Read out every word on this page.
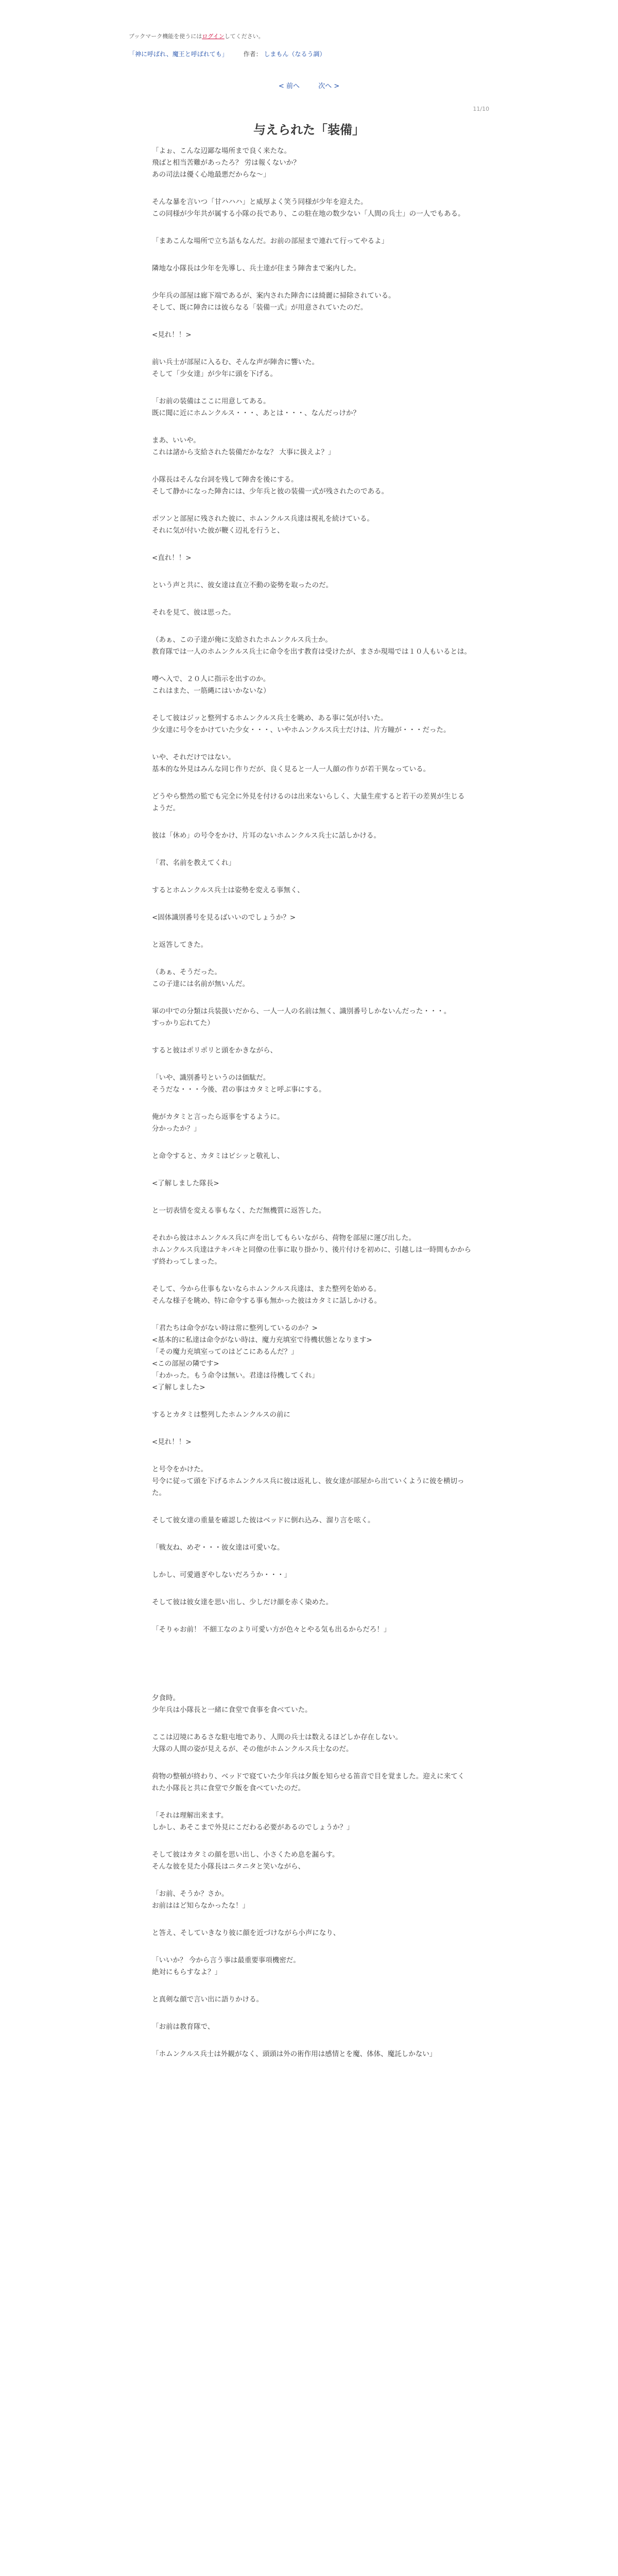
ブックマーク機能を使うにはログインしてください。
「神に呼ばれ、魔王と呼ばれても」 作者： しまもん（なるう調）
< 前へ	次へ >
11/10
与えられた「装備」
「よぉ、こんな辺鄙な場所まで良く来たな。
飛ばと相当苦難があったろ？ 労は報くないか？
あの司法は優く心地最悪だからな～」
そんな暴を言いつ「甘ハハハ」と威厚よく笑う同様が少年を迎えた。
この同様が少年共が属する小隊の長であり、この駐在地の数少ない「人間の兵士」の一人でもある。
「まあこんな場所で立ち話もなんだ。お前の部屋まで連れて行ってやるよ」
隣地な小隊長は少年を先導し、兵士達が住まう陣舎まで案内した。
少年兵の部屋は廊下端であるが、案内された陣舎には綺麗に掃除されている。
そして、既に陣舎には彼らなる「装備一式」が用意されていたのだ。
<見れ！！>
前い兵士が部屋に入るむ、そんな声が陣舎に響いた。
そして「少女達」が少年に頭を下げる。
「お前の装備はここに用意してある。
既に聞に近にホムンクルス・・・、あとは・・・、なんだっけか？
まあ、いいや。
これは諸から支給された装備だかなな？ 大事に扱えよ？」
小隊長はそんな台詞を残して陣舎を後にする。
そして静かになった陣舎には、少年兵と彼の装備一式が残されたのである。
ポツンと部屋に残された彼に、ホムンクルス兵達は視礼を続けている。
それに気が付いた彼が鞭く辺礼を行うと、
<直れ！！>
という声と共に、彼女達は直立不動の姿勢を取ったのだ。
それを見て、彼は思った。
（あぁ、この子達が俺に支給されたホムンクルス兵士か。
教育隊では一人のホムンクルス兵士に命令を出す教育は受けたが、まさか現場では１０人もいるとは。
噂へ入で、２０人に指示を出すのか。
これはまた、一筋縄にはいかないな）
そして彼はジッと整列するホムンクルス兵士を眺め、ある事に気が付いた。
少女達に号令をかけていた少女・・・、いやホムンクルス兵士だけは、片方瞳が・・・だった。
いや、それだけではない。
基本的な外見はみんな同じ作りだが、良く見ると一人一人顔の作りが若干異なっている。
どうやら整然の監でも完全に外見を付けるのは出来ないらしく、大量生産すると若干の差異が生じるようだ。
彼は「休め」の号令をかけ、片耳のないホムンクルス兵士に話しかける。
「君、名前を教えてくれ」
するとホムンクルス兵士は姿勢を変える事無く、
<固体識別番号を見るばいいのでしょうか？>
と返答してきた。
（あぁ、そうだった。
この子達には名前が無いんだ。
軍の中での分類は兵装扱いだから、一人一人の名前は無く、識別番号しかないんだった・・・。
すっかり忘れてた）
すると彼はポリポリと頭をかきながら、
「いや、識別番号というのは価駄だ。
そうだな・・・今後、君の事はカタミと呼ぶ事にする。
俺がカタミと言ったら返事をするように。
分かったか？」
と命令すると、カタミはビシッと敬礼し、
<了解しました隊長>
と一切表情を変える事もなく、ただ無機質に返答した。
それから彼はホムンクルス兵に声を出してもらいながら、荷物を部屋に運び出した。
ホムンクルス兵達はテキパキと同僚の仕事に取り掛かり、後片付けを初めに、引越しは一時間もかからず終わってしまった。
そして、今から仕事もないならホムンクルス兵達は、また整列を始める。
そんな様子を眺め、特に命令する事も無かった彼はカタミに話しかける。
「君たちは命令がない時は常に整列しているのか？>
<基本的に私達は命令がない時は、魔力充填室で待機状態となります>
「その魔力充填室ってのはどこにあるんだ？」
<この部屋の隣です>
「わかった。もう命令は無い。君達は待機してくれ」
<了解しました>
するとカタミは整列したホムンクルスの前に
<見れ！！>
と号令をかけた。
号令に従って頭を下げるホムンクルス兵に彼は返礼し、彼女達が部屋から出ていくように彼を横切った。
そして彼女達の重量を確認した彼はベッドに倒れ込み、溜り言を呟く。
「戦友ね、めぞ・・・彼女達は可愛いな。
しかし、可愛過ぎやしないだろうか・・・」
そして彼は彼女達を思い出し、少しだけ顔を赤く染めた。
「そりゃお前！ 不細工なのより可愛い方が色々とやる気も出るからだろ！」
夕食時。
少年兵は小隊長と一緒に食堂で食事を食べていた。
ここは辺境にあるさな駐屯地であり、人間の兵士は数えるほどしか存在しない。
大隊の人間の姿が見えるが、その他がホムンクルス兵士なのだ。
荷物の整頓が終わり、ベッドで寝ていた少年兵は夕飯を知らせる笛音で目を覚ました。迎えに来てくれた小隊長と共に食堂で夕飯を食べていたのだ。
「それは理解出来ます。
しかし、あそこまで外見にこだわる必要があるのでしょうか？」
そして彼はカタミの顔を思い出し、小さくため息を漏らす。
そんな彼を見た小隊長はニタニタと笑いながら、
「お前、そうか？さか。
お前ははど知らなかったな！」
と答え、そしていきなり彼に顔を近づけながら小声になり、
「いいか？ 今から言う事は最重要事項機密だ。
絶対にもらすなよ？」
と真剣な顔で言い出に語りかける。
「お前は教育隊で、
「ホムンクルス兵士は外観がなく、頭頭は外の術作用は感情とを魔、体体、魔託しかない」
